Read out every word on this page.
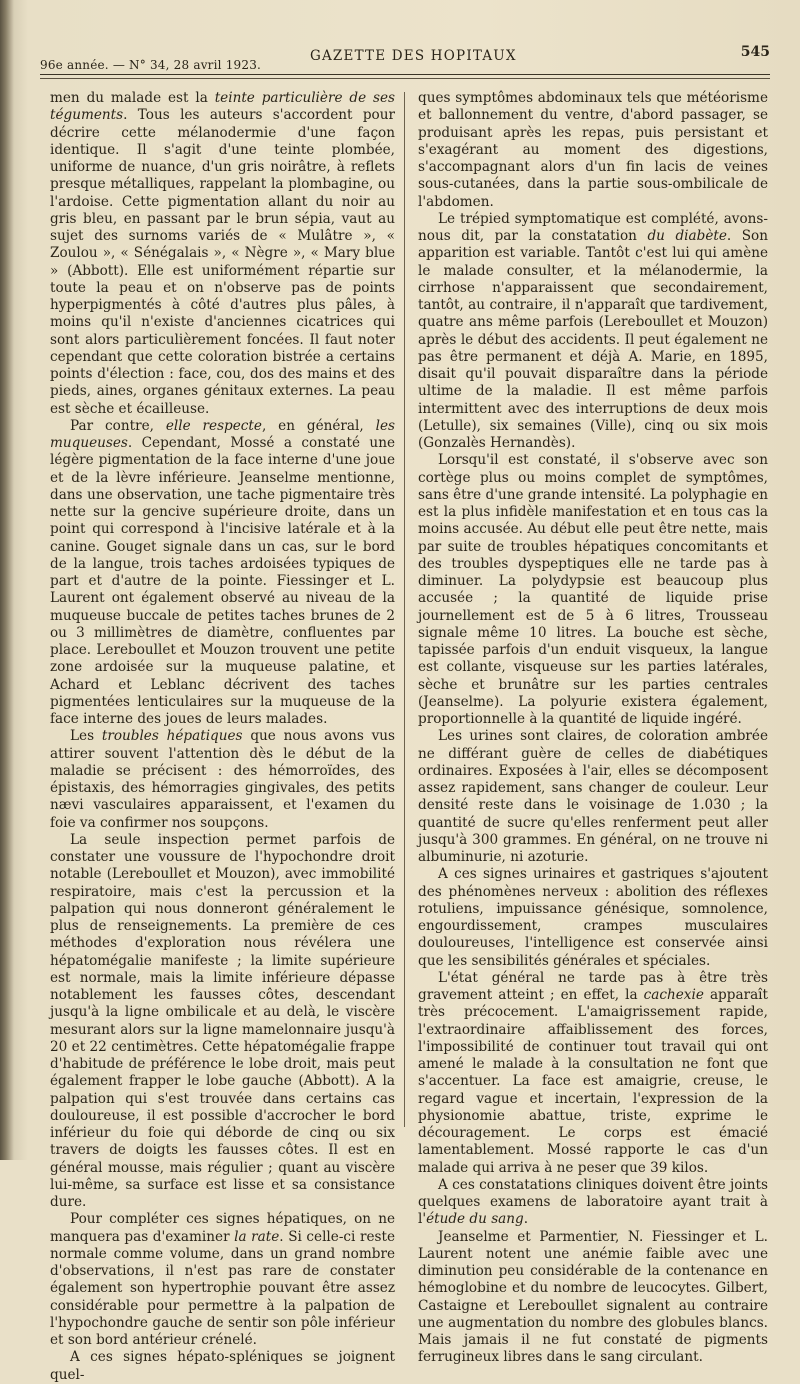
96e année. — N° 34, 28 avril 1923.
GAZETTE DES HOPITAUX	545

men du malade est la teinte particulière de ses téguments. Tous les auteurs s'accordent pour décrire cette mélanodermie d'une façon identique. Il s'agit d'une teinte plombée, uniforme de nuance, d'un gris noirâtre, à reflets presque métalliques, rappelant la plombagine, ou l'ardoise. Cette pigmentation allant du noir au gris bleu, en passant par le brun sépia, vaut au sujet des surnoms variés de « Mulâtre », « Zoulou », « Sénégalais », « Nègre », « Mary blue » (Abbott). Elle est uniformément répartie sur toute la peau et on n'observe pas de points hyperpigmentés à côté d'autres plus pâles, à moins qu'il n'existe d'anciennes cicatrices qui sont alors particulièrement foncées. Il faut noter cependant que cette coloration bistrée a certains points d'élection : face, cou, dos des mains et des pieds, aines, organes génitaux externes. La peau est sèche et écailleuse.

Par contre, elle respecte, en général, les muqueuses. Cependant, Mossé a constaté une légère pigmentation de la face interne d'une joue et de la lèvre inférieure. Jeanselme mentionne, dans une observation, une tache pigmentaire très nette sur la gencive supérieure droite, dans un point qui correspond à l'incisive latérale et à la canine. Gouget signale dans un cas, sur le bord de la langue, trois taches ardoisées typiques de part et d'autre de la pointe. Fiessinger et L. Laurent ont également observé au niveau de la muqueuse buccale de petites taches brunes de 2 ou 3 millimètres de diamètre, confluentes par place. Lereboullet et Mouzon trouvent une petite zone ardoisée sur la muqueuse palatine, et Achard et Leblanc décrivent des taches pigmentées lenticulaires sur la muqueuse de la face interne des joues de leurs malades.

Les troubles hépatiques que nous avons vus attirer souvent l'attention dès le début de la maladie se précisent : des hémorroïdes, des épistaxis, des hémorragies gingivales, des petits nævi vasculaires apparaissent, et l'examen du foie va confirmer nos soupçons.

La seule inspection permet parfois de constater une voussure de l'hypochondre droit notable (Lereboullet et Mouzon), avec immobilité respiratoire, mais c'est la percussion et la palpation qui nous donneront généralement le plus de renseignements. La première de ces méthodes d'exploration nous révélera une hépatomégalie manifeste ; la limite supérieure est normale, mais la limite inférieure dépasse notablement les fausses côtes, descendant jusqu'à la ligne ombilicale et au delà, le viscère mesurant alors sur la ligne mamelonnaire jusqu'à 20 et 22 centimètres. Cette hépatomégalie frappe d'habitude de préférence le lobe droit, mais peut également frapper le lobe gauche (Abbott). A la palpation qui s'est trouvée dans certains cas douloureuse, il est possible d'accrocher le bord inférieur du foie qui déborde de cinq ou six travers de doigts les fausses côtes. Il est en général mousse, mais régulier ; quant au viscère lui-même, sa surface est lisse et sa consistance dure.

Pour compléter ces signes hépatiques, on ne manquera pas d'examiner la rate. Si celle-ci reste normale comme volume, dans un grand nombre d'observations, il n'est pas rare de constater également son hypertrophie pouvant être assez considérable pour permettre à la palpation de l'hypochondre gauche de sentir son pôle inférieur et son bord antérieur crénelé.

A ces signes hépato-spléniques se joignent quel-

ques symptômes abdominaux tels que météorisme et ballonnement du ventre, d'abord passager, se produisant après les repas, puis persistant et s'exagérant au moment des digestions, s'accompagnant alors d'un fin lacis de veines sous-cutanées, dans la partie sous-ombilicale de l'abdomen.

Le trépied symptomatique est complété, avons-nous dit, par la constatation du diabète. Son apparition est variable. Tantôt c'est lui qui amène le malade consulter, et la mélanodermie, la cirrhose n'apparaissent que secondairement, tantôt, au contraire, il n'apparaît que tardivement, quatre ans même parfois (Lereboullet et Mouzon) après le début des accidents. Il peut également ne pas être permanent et déjà A. Marie, en 1895, disait qu'il pouvait disparaître dans la période ultime de la maladie. Il est même parfois intermittent avec des interruptions de deux mois (Letulle), six semaines (Ville), cinq ou six mois (Gonzalès Hernandès).

Lorsqu'il est constaté, il s'observe avec son cortège plus ou moins complet de symptômes, sans être d'une grande intensité. La polyphagie en est la plus infidèle manifestation et en tous cas la moins accusée. Au début elle peut être nette, mais par suite de troubles hépatiques concomitants et des troubles dyspeptiques elle ne tarde pas à diminuer. La polydypsie est beaucoup plus accusée ; la quantité de liquide prise journellement est de 5 à 6 litres, Trousseau signale même 10 litres. La bouche est sèche, tapissée parfois d'un enduit visqueux, la langue est collante, visqueuse sur les parties latérales, sèche et brunâtre sur les parties centrales (Jeanselme). La polyurie existera également, proportionnelle à la quantité de liquide ingéré.

Les urines sont claires, de coloration ambrée ne différant guère de celles de diabétiques ordinaires. Exposées à l'air, elles se décomposent assez rapidement, sans changer de couleur. Leur densité reste dans le voisinage de 1.030 ; la quantité de sucre qu'elles renferment peut aller jusqu'à 300 grammes. En général, on ne trouve ni albuminurie, ni azoturie.

A ces signes urinaires et gastriques s'ajoutent des phénomènes nerveux : abolition des réflexes rotuliens, impuissance génésique, somnolence, engourdissement, crampes musculaires douloureuses, l'intelligence est conservée ainsi que les sensibilités générales et spéciales.

L'état général ne tarde pas à être très gravement atteint ; en effet, la cachexie apparaît très précocement. L'amaigrissement rapide, l'extraordinaire affaiblissement des forces, l'impossibilité de continuer tout travail qui ont amené le malade à la consultation ne font que s'accentuer. La face est amaigrie, creuse, le regard vague et incertain, l'expression de la physionomie abattue, triste, exprime le découragement. Le corps est émacié lamentablement. Mossé rapporte le cas d'un malade qui arriva à ne peser que 39 kilos.

A ces constatations cliniques doivent être joints quelques examens de laboratoire ayant trait à l'étude du sang.

Jeanselme et Parmentier, N. Fiessinger et L. Laurent notent une anémie faible avec une diminution peu considérable de la contenance en hémoglobine et du nombre de leucocytes. Gilbert, Castaigne et Lereboullet signalent au contraire une augmentation du nombre des globules blancs. Mais jamais il ne fut constaté de pigments ferrugineux libres dans le sang circulant.
